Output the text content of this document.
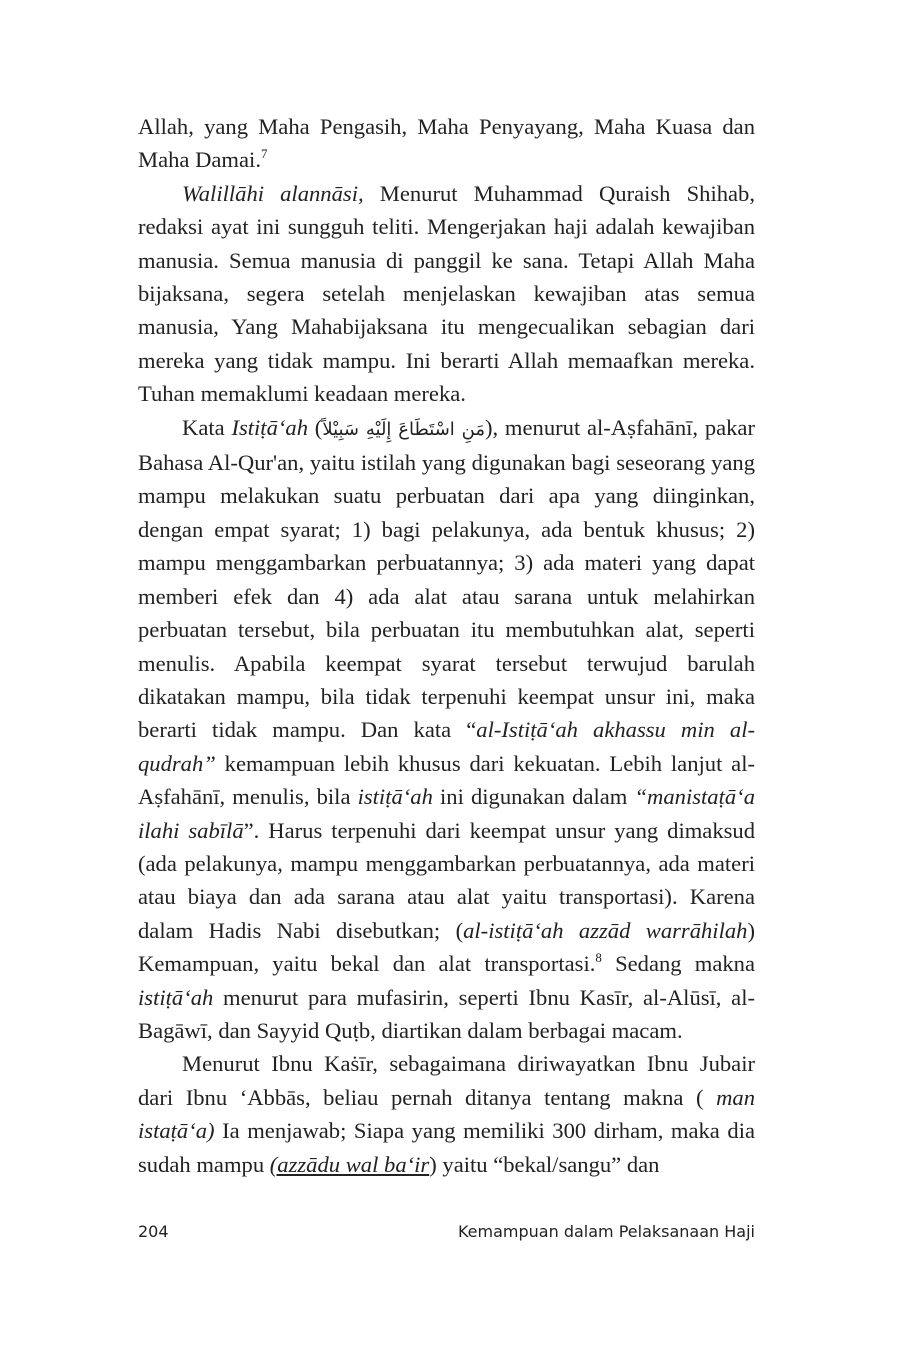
Allah, yang Maha Pengasih, Maha Penyayang, Maha Kuasa dan Maha Damai.$^7$

Walillāhi alannāsi, Menurut Muhammad Quraish Shihab, redaksi ayat ini sungguh teliti. Mengerjakan haji adalah kewajiban manusia. Semua manusia di panggil ke sana. Tetapi Allah Maha bijaksana, segera setelah menjelaskan kewajiban atas semua manusia, Yang Mahabijaksana itu mengecualikan sebagian dari mereka yang tidak mampu. Ini berarti Allah memaafkan mereka. Tuhan memaklumi keadaan mereka.

Kata Istiṭā‘ah (مَنِ اسْتَطَاعَ إِلَيْهِ سَبِيْلاً), menurut al-Aṣfahānī, pakar Bahasa Al-Qur'an, yaitu istilah yang digunakan bagi seseorang yang mampu melakukan suatu perbuatan dari apa yang diinginkan, dengan empat syarat; 1) bagi pelakunya, ada bentuk khusus; 2) mampu menggambarkan perbuatannya; 3) ada materi yang dapat memberi efek dan 4) ada alat atau sarana untuk melahirkan perbuatan tersebut, bila perbuatan itu membutuhkan alat, seperti menulis. Apabila keempat syarat tersebut terwujud barulah dikatakan mampu, bila tidak terpenuhi keempat unsur ini, maka berarti tidak mampu. Dan kata “al-Istiṭā‘ah akhassu min al-qudrah” kemampuan lebih khusus dari kekuatan. Lebih lanjut al-Aṣfahānī, menulis, bila istiṭā‘ah ini digunakan dalam “manistaṭā‘a ilahi sabīlā”. Harus terpenuhi dari keempat unsur yang dimaksud (ada pelakunya, mampu menggambarkan perbuatannya, ada materi atau biaya dan ada sarana atau alat yaitu transportasi). Karena dalam Hadis Nabi disebutkan; (al-istiṭā‘ah azzād warrāhilah) Kemampuan, yaitu bekal dan alat transportasi.$^8$ Sedang makna istiṭā‘ah menurut para mufasirin, seperti Ibnu Kasīr, al-Alūsī, al-Bagāwī, dan Sayyid Quṭb, diartikan dalam berbagai macam.

Menurut Ibnu Kaṡīr, sebagaimana diriwayatkan Ibnu Jubair dari Ibnu ‘Abbās, beliau pernah ditanya tentang makna ( man istaṭā‘a) Ia menjawab; Siapa yang memiliki 300 dirham, maka dia sudah mampu (azzādu wal ba‘ir) yaitu “bekal/sangu” dan

204	Kemampuan dalam Pelaksanaan Haji
